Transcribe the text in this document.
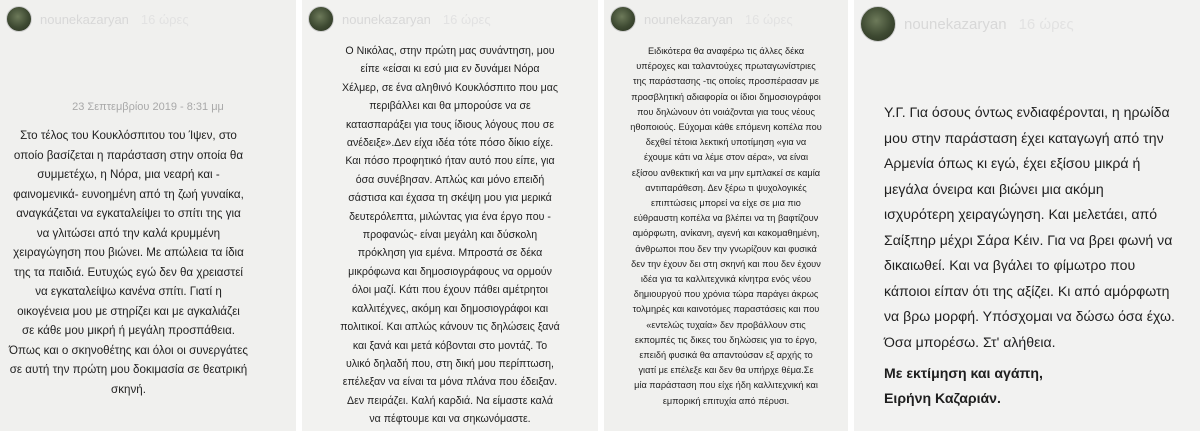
nounekazaryan 16 ώρες
23 Σεπτεμβρίου 2019 - 8:31 μμ
Στο τέλος του Κουκλόσπιτου του Ίψεν, στο
οποίο βασίζεται η παράσταση στην οποία θα
συμμετέχω, η Νόρα, μια νεαρή και -
φαινομενικά- ευνοημένη από τη ζωή γυναίκα,
αναγκάζεται να εγκαταλείψει το σπίτι της για
να γλιτώσει από την καλά κρυμμένη
χειραγώγηση που βιώνει. Με απώλεια τα ίδια
της τα παιδιά. Ευτυχώς εγώ δεν θα χρειαστεί
να εγκαταλείψω κανένα σπίτι. Γιατί η
οικογένεια μου με στηρίζει και με αγκαλιάζει
σε κάθε μου μικρή ή μεγάλη προσπάθεια.
Όπως και ο σκηνοθέτης και όλοι οι συνεργάτες
σε αυτή την πρώτη μου δοκιμασία σε θεατρική
σκηνή.
nounekazaryan 16 ώρες
Ο Νικόλας, στην πρώτη μας συνάντηση, μου
είπε «είσαι κι εσύ μια εν δυνάμει Νόρα
Χέλμερ, σε ένα αληθινό Κουκλόσπιτο που μας
περιβάλλει και θα μπορούσε να σε
κατασπαράξει για τους ίδιους λόγους που σε
ανέδειξε».Δεν είχα ιδέα τότε πόσο δίκιο είχε.
Και πόσο προφητικό ήταν αυτό που είπε, για
όσα συνέβησαν. Απλώς και μόνο επειδή
σάστισα και έχασα τη σκέψη μου για μερικά
δευτερόλεπτα, μιλώντας για ένα έργο που -
προφανώς- είναι μεγάλη και δύσκολη
πρόκληση για εμένα. Μπροστά σε δέκα
μικρόφωνα και δημοσιογράφους να ορμούν
όλοι μαζί. Κάτι που έχουν πάθει αμέτρητοι
καλλιτέχνες, ακόμη και δημοσιογράφοι και
πολιτικοί. Και απλώς κάνουν τις δηλώσεις ξανά
και ξανά και μετά κόβονται στο μοντάζ. Το
υλικό δηλαδή που, στη δική μου περίπτωση,
επέλεξαν να είναι τα μόνα πλάνα που έδειξαν.
Δεν πειράζει. Καλή καρδιά. Να είμαστε καλά
να πέφτουμε και να σηκωνόμαστε.
nounekazaryan 16 ώρες
Ειδικότερα θα αναφέρω τις άλλες δέκα
υπέροχες και ταλαντούχες πρωταγωνίστριες
της παράστασης -τις οποίες προσπέρασαν με
προσβλητική αδιαφορία οι ίδιοι δημοσιογράφοι
που δηλώνουν ότι νοιάζονται για τους νέους
ηθοποιούς. Εύχομαι κάθε επόμενη κοπέλα που
δεχθεί τέτοια λεκτική υποτίμηση «για να
έχουμε κάτι να λέμε στον αέρα», να είναι
εξίσου ανθεκτική και να μην εμπλακεί σε καμία
αντιπαράθεση. Δεν ξέρω τι ψυχολογικές
επιπτώσεις μπορεί να είχε σε μια πιο
εύθραυστη κοπέλα να βλέπει να τη βαφτίζουν
αμόρφωτη, ανίκανη, αγενή και κακομαθημένη,
άνθρωποι που δεν την γνωρίζουν και φυσικά
δεν την έχουν δει στη σκηνή και που δεν έχουν
ιδέα για τα καλλιτεχνικά κίνητρα ενός νέου
δημιουργού που χρόνια τώρα παράγει άκρως
τολμηρές και καινοτόμες παραστάσεις και που
«εντελώς τυχαία» δεν προβάλλουν στις
εκπομπές τις δικες του δηλώσεις για το έργο,
επειδή φυσικά θα απαντούσαν εξ αρχής το
γιατί με επέλεξε και δεν θα υπήρχε θέμα.Σε
μία παράσταση που είχε ήδη καλλιτεχνική και
εμπορική επιτυχία από πέρυσι.
nounekazaryan 16 ώρες
Υ.Γ. Για όσους όντως ενδιαφέρονται, η ηρωίδα
μου στην παράσταση έχει καταγωγή από την
Αρμενία όπως κι εγώ, έχει εξίσου μικρά ή
μεγάλα όνειρα και βιώνει μια ακόμη
ισχυρότερη χειραγώγηση. Και μελετάει, από
Σαίξπηρ μέχρι Σάρα Κέιν. Για να βρει φωνή να
δικαιωθεί. Και να βγάλει το φίμωτρο που
κάποιοι είπαν ότι της αξίζει. Κι από αμόρφωτη
να βρω μορφή. Υπόσχομαι να δώσω όσα έχω.
Όσα μπορέσω. Στ' αλήθεια.
Με εκτίμηση και αγάπη,
Ειρήνη Καζαριάν.
